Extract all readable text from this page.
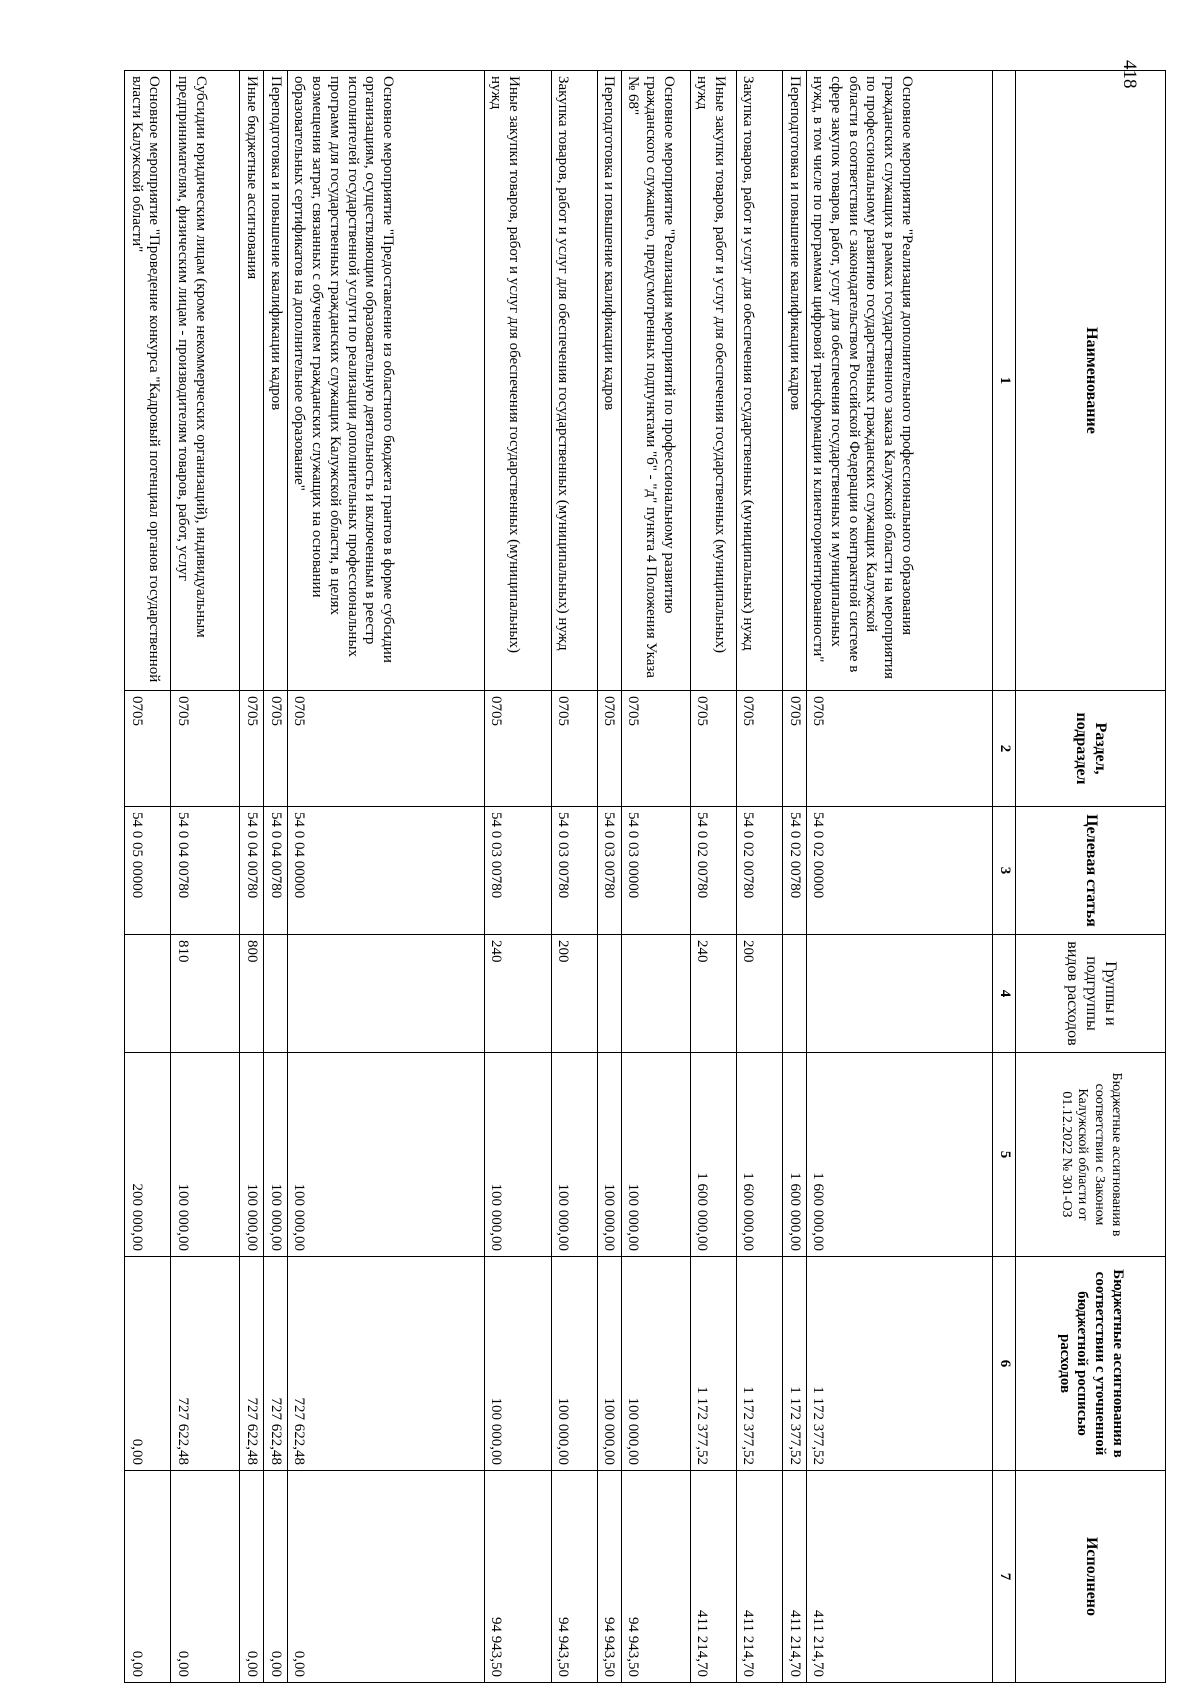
418
Наименование	Раздел, подраздел	Целевая статья	Группы и подгруппы видов расходов	Бюджетные ассигнования в соответствии с Законом Калужской области от 01.12.2022 № 301-ОЗ	Бюджетные ассигнования в соответствии с уточненной бюджетной росписью расходов	Исполнено
1	2	3	4	5	6	7
Основное мероприятие "Реализация дополнительного профессионального образования гражданских служащих в рамках государственного заказа Калужской области на мероприятия по профессиональному развитию государственных гражданских служащих Калужской области в соответствии с законодательством Российской Федерации о контрактной системе в сфере закупок товаров, работ, услуг для обеспечения государственных и муниципальных нужд, в том числе по программам цифровой трансформации и клиентоориентированности"	0705	54 0 02 00000		1 600 000,00	1 172 377,52	411 214,70
Переподготовка и повышение квалификации кадров	0705	54 0 02 00780		1 600 000,00	1 172 377,52	411 214,70
Закупка товаров, работ и услуг для обеспечения государственных (муниципальных) нужд	0705	54 0 02 00780	200	1 600 000,00	1 172 377,52	411 214,70
Иные закупки товаров, работ и услуг для обеспечения государственных (муниципальных) нужд	0705	54 0 02 00780	240	1 600 000,00	1 172 377,52	411 214,70
Основное мероприятие "Реализация мероприятий по профессиональному развитию гражданского служащего, предусмотренных подпунктами "б" - "д" пункта 4 Положения Указа № 68"	0705	54 0 03 00000		100 000,00	100 000,00	94 943,50
Переподготовка и повышение квалификации кадров	0705	54 0 03 00780		100 000,00	100 000,00	94 943,50
Закупка товаров, работ и услуг для обеспечения государственных (муниципальных) нужд	0705	54 0 03 00780	200	100 000,00	100 000,00	94 943,50
Иные закупки товаров, работ и услуг для обеспечения государственных (муниципальных) нужд	0705	54 0 03 00780	240	100 000,00	100 000,00	94 943,50
Основное мероприятие "Предоставление из областного бюджета грантов в форме субсидии организациям, осуществляющим образовательную деятельность и включенным в реестр исполнителей государственной услуги по реализации дополнительных профессиональных программ для государственных гражданских служащих Калужской области, в целях возмещения затрат, связанных с обучением гражданских служащих на основании образовательных сертификатов на дополнительное образование"	0705	54 0 04 00000		100 000,00	727 622,48	0,00
Переподготовка и повышение квалификации кадров	0705	54 0 04 00780		100 000,00	727 622,48	0,00
Иные бюджетные ассигнования	0705	54 0 04 00780	800	100 000,00	727 622,48	0,00
Субсидии юридическим лицам (кроме некоммерческих организаций), индивидуальным предпринимателям, физическим лицам - производителям товаров, работ, услуг	0705	54 0 04 00780	810	100 000,00	727 622,48	0,00
Основное мероприятие "Проведение конкурса "Кадровый потенциал органов государственной власти Калужской области"	0705	54 0 05 00000		200 000,00	0,00	0,00
